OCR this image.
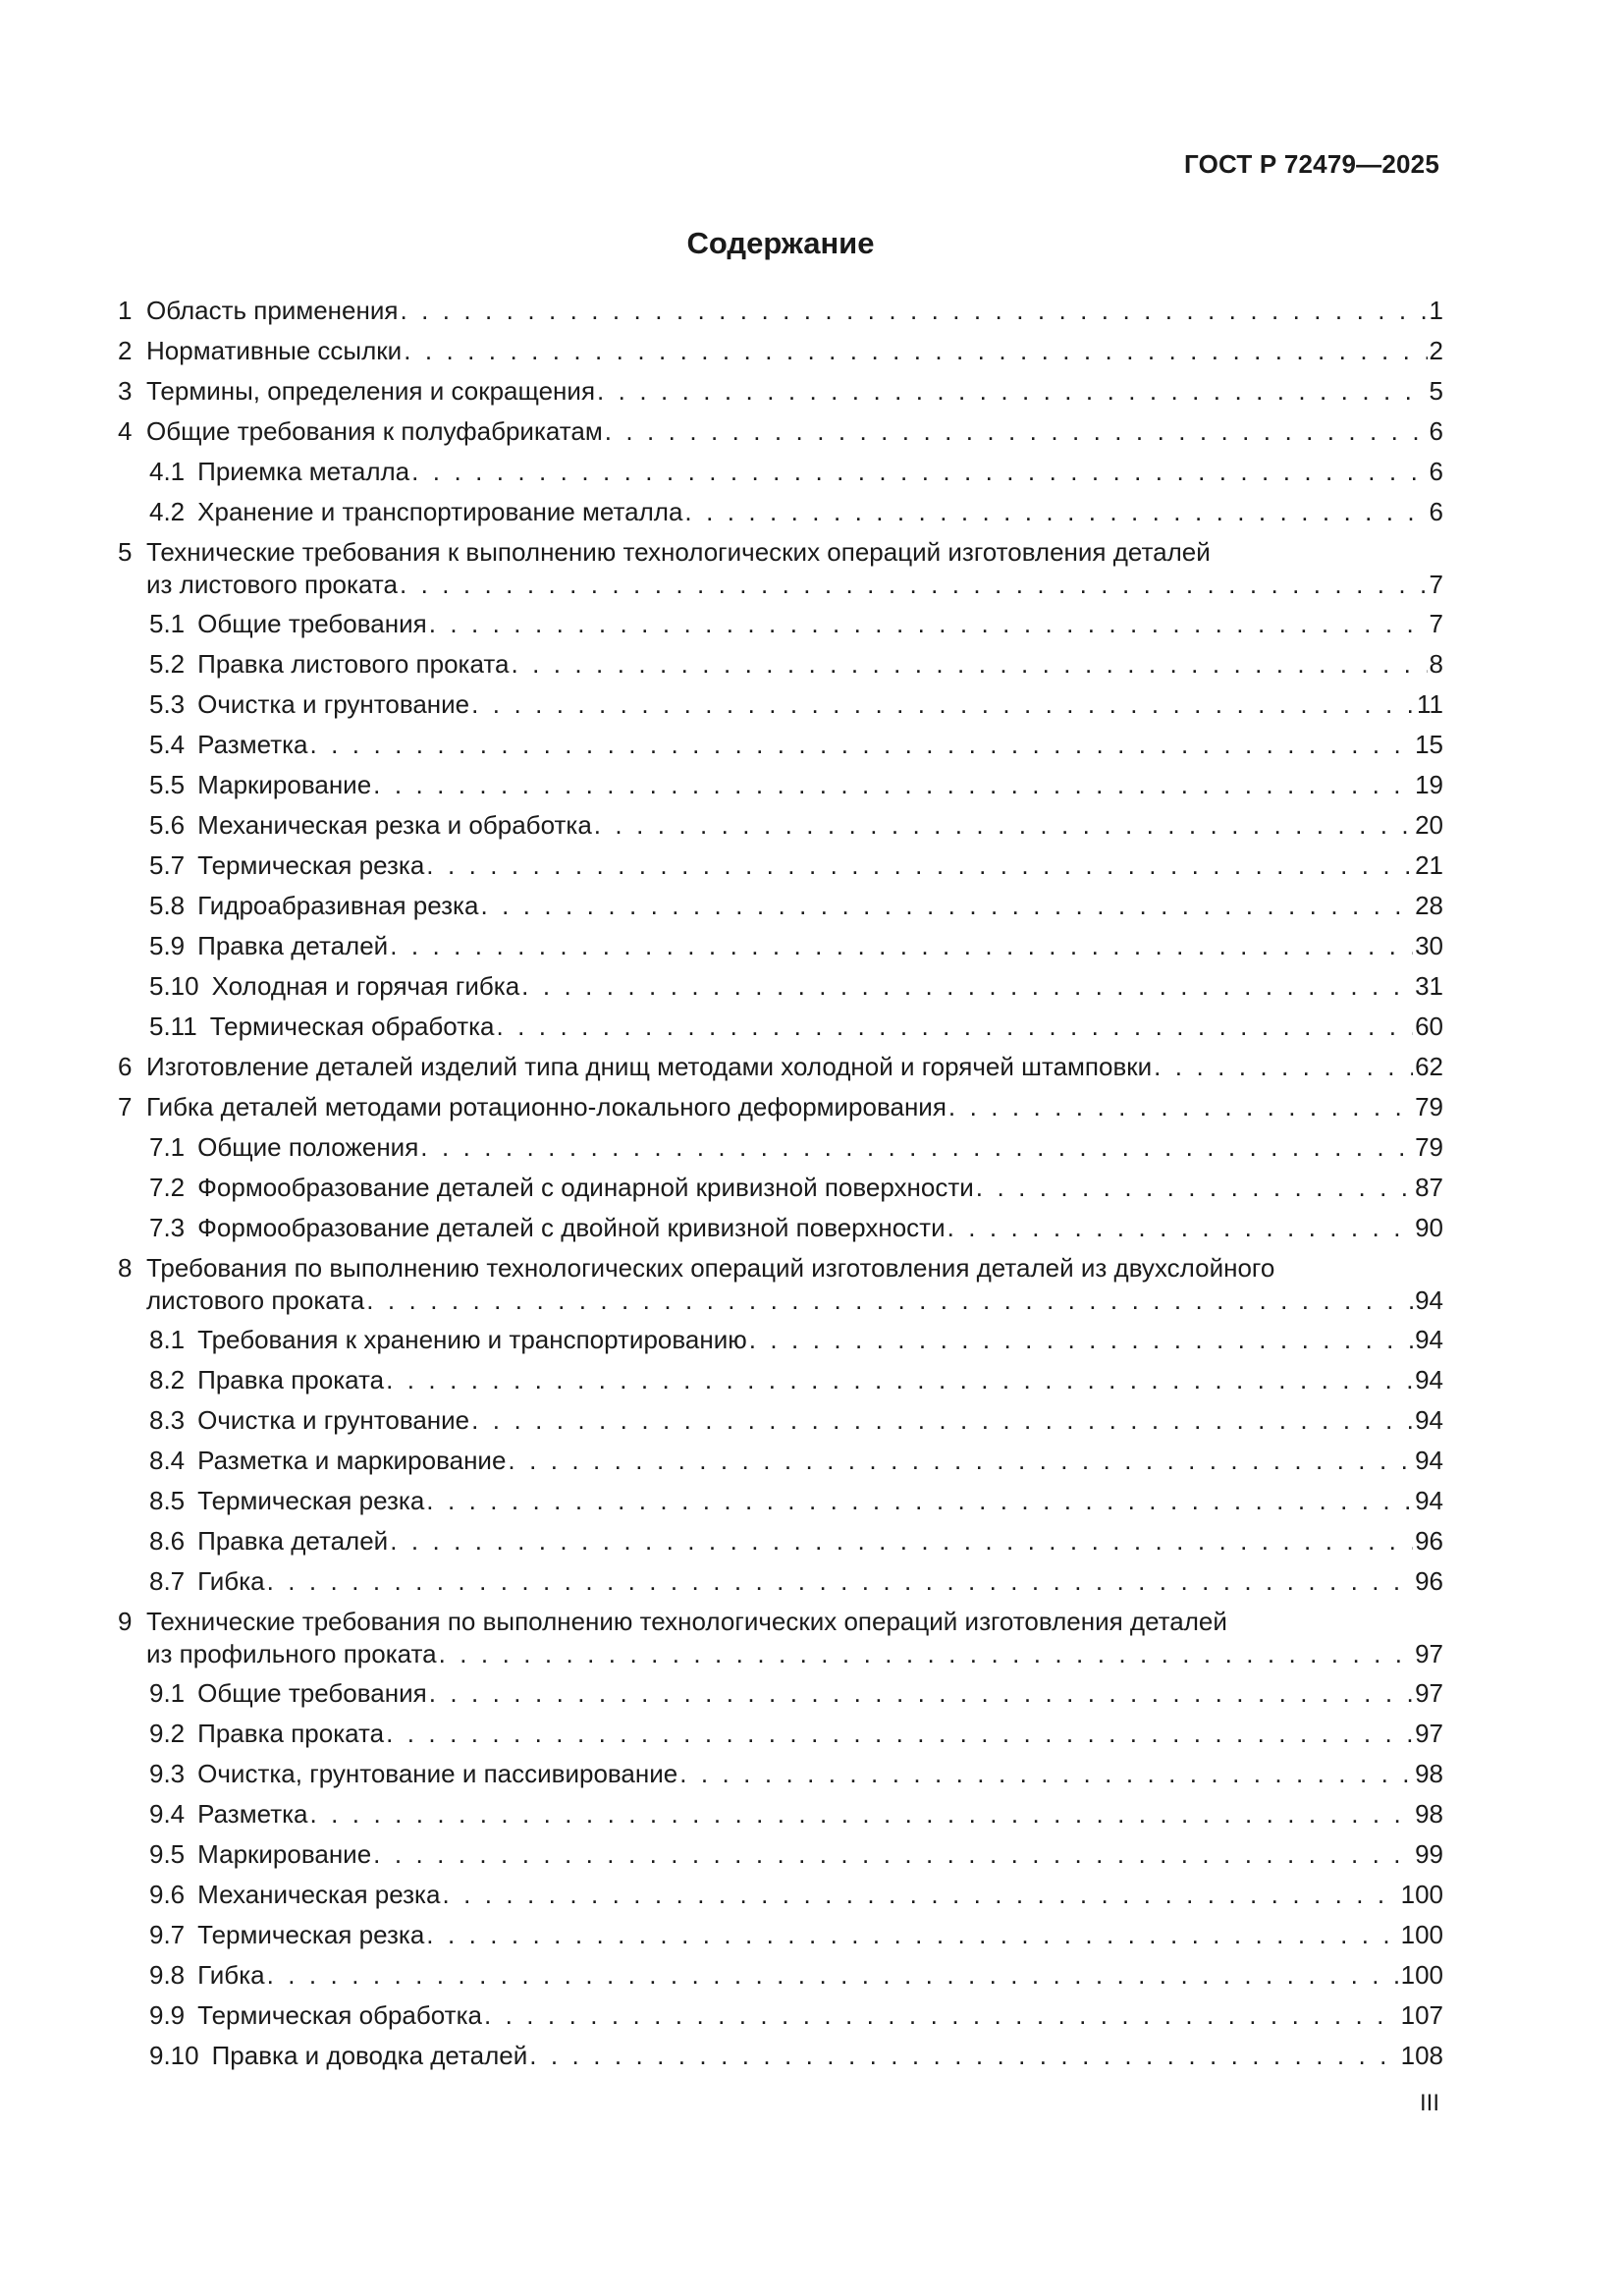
ГОСТ Р 72479—2025
Содержание
1 Область применения . . .	1
2 Нормативные ссылки . . .	2
3 Термины, определения и сокращения . . .	5
4 Общие требования к полуфабрикатам . . .	6
4.1 Приемка металла . . .	6
4.2 Хранение и транспортирование металла . . .	6
5 Технические требования к выполнению технологических операций изготовления деталей
из листового проката . . .	7
5.1 Общие требования . . .	7
5.2 Правка листового проката . . .	8
5.3 Очистка и грунтование . . .	11
5.4 Разметка . . .	15
5.5 Маркирование . . .	19
5.6 Механическая резка и обработка . . .	20
5.7 Термическая резка . . .	21
5.8 Гидроабразивная резка . . .	28
5.9 Правка деталей . . .	30
5.10 Холодная и горячая гибка . . .	31
5.11 Термическая обработка . . .	60
6 Изготовление деталей изделий типа днищ методами холодной и горячей штамповки . . .	62
7 Гибка деталей методами ротационно-локального деформирования . . .	79
7.1 Общие положения . . .	79
7.2 Формообразование деталей с одинарной кривизной поверхности . . .	87
7.3 Формообразование деталей с двойной кривизной поверхности . . .	90
8 Требования по выполнению технологических операций изготовления деталей из двухслойного
листового проката . . .	94
8.1 Требования к хранению и транспортированию . . .	94
8.2 Правка проката . . .	94
8.3 Очистка и грунтование . . .	94
8.4 Разметка и маркирование . . .	94
8.5 Термическая резка . . .	94
8.6 Правка деталей . . .	96
8.7 Гибка . . .	96
9 Технические требования по выполнению технологических операций изготовления деталей
из профильного проката . . .	97
9.1 Общие требования . . .	97
9.2 Правка проката . . .	97
9.3 Очистка, грунтование и пассивирование . . .	98
9.4 Разметка . . .	98
9.5 Маркирование . . .	99
9.6 Механическая резка . . .	100
9.7 Термическая резка . . .	100
9.8 Гибка . . .	100
9.9 Термическая обработка . . .	107
9.10 Правка и доводка деталей . . .	108
III
